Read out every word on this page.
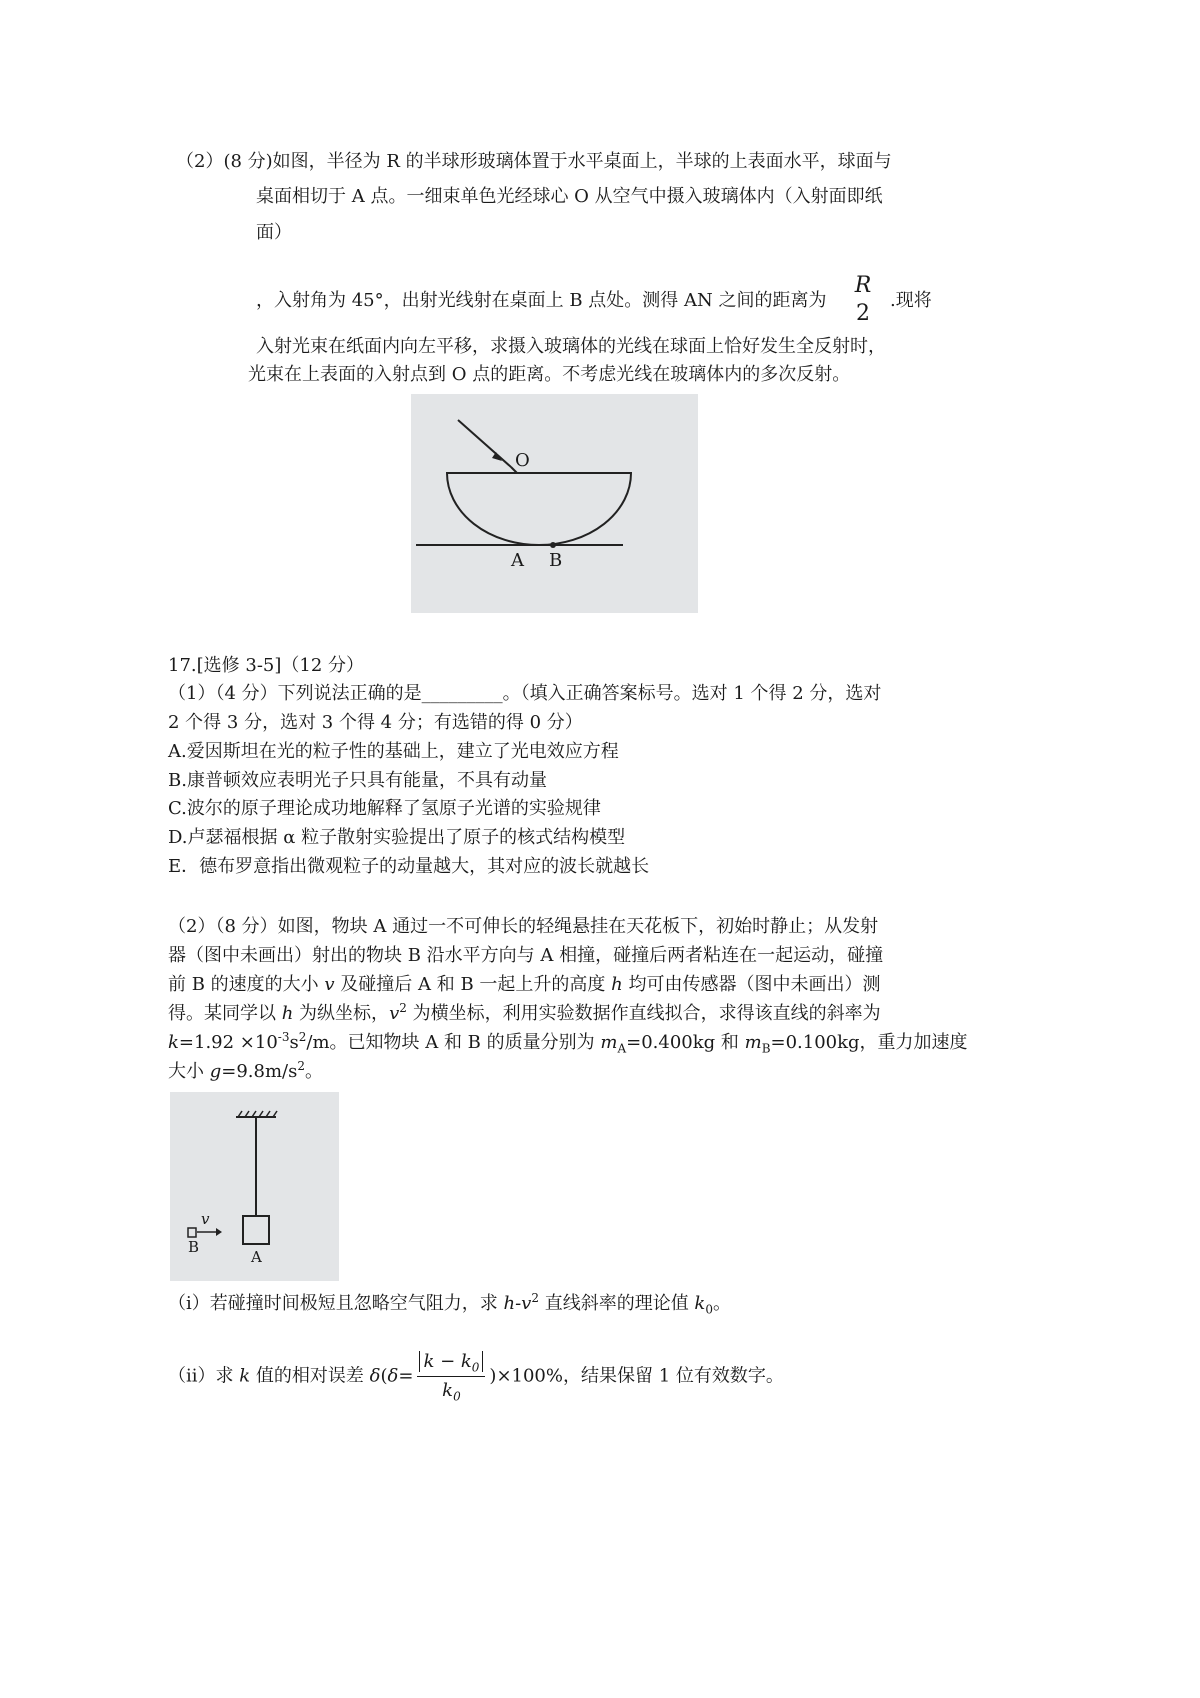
（2）(8 分)如图，半径为 R 的半球形玻璃体置于水平桌面上，半球的上表面水平，球面与
桌面相切于 A 点。一细束单色光经球心 O 从空气中摄入玻璃体内（入射面即纸
面）
，入射角为 45°，出射光线射在桌面上 B 点处。测得 AN 之间的距离为
R
2
.现将
入射光束在纸面内向左平移，求摄入玻璃体的光线在球面上恰好发生全反射时，
光束在上表面的入射点到 O 点的距离。不考虑光线在玻璃体内的多次反射。
O
A B
17.[选修 3-5]（12 分）
（1）（4 分）下列说法正确的是_________。（填入正确答案标号。选对 1 个得 2 分，选对
2 个得 3 分，选对 3 个得 4 分；有选错的得 0 分）
A.爱因斯坦在光的粒子性的基础上，建立了光电效应方程
B.康普顿效应表明光子只具有能量，不具有动量
C.波尔的原子理论成功地解释了氢原子光谱的实验规律
D.卢瑟福根据 α 粒子散射实验提出了原子的核式结构模型
E．德布罗意指出微观粒子的动量越大，其对应的波长就越长
（2）（8 分）如图，物块 A 通过一不可伸长的轻绳悬挂在天花板下，初始时静止；从发射
器（图中未画出）射出的物块 B 沿水平方向与 A 相撞，碰撞后两者粘连在一起运动，碰撞
前 B 的速度的大小 v 及碰撞后 A 和 B 一起上升的高度 h 均可由传感器（图中未画出）测
得。某同学以 h 为纵坐标，$v^2$ 为横坐标，利用实验数据作直线拟合，求得该直线的斜率为
$k=1.92 \times 10^{-3}s^2/m$。已知物块 A 和 B 的质量分别为 $m_A=0.400kg$ 和 $m_B=0.100kg$，重力加速度
大小 $g=9.8m/s^2$。
v
B
A
（i）若碰撞时间极短且忽略空气阻力，求 $h-v^2$ 直线斜率的理论值 $k_0$。
（ii）求 k 值的相对误差 $\delta(\delta= \frac{k - k_0}{k_0} )\times 100\%$，结果保留 1 位有效数字。
